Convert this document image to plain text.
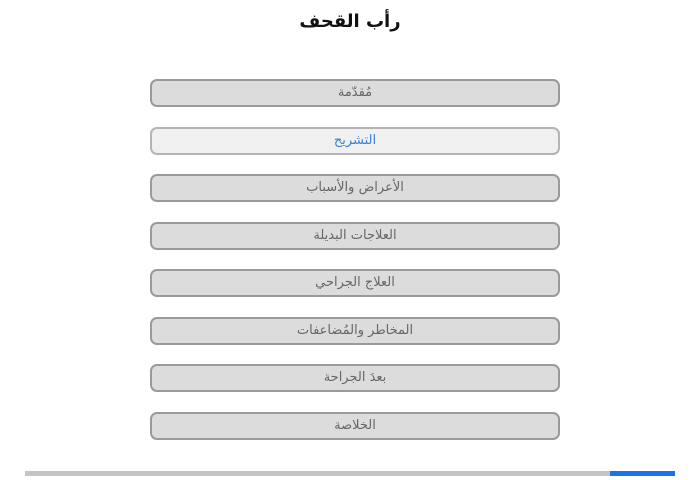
رأب القحف
مُقدّمة
التشريح
الأعراض والأسباب
العلاجات البديلة
العلاج الجراحي
المخاطر والمُضاعفات
بعدَ الجراحة
الخلاصة
